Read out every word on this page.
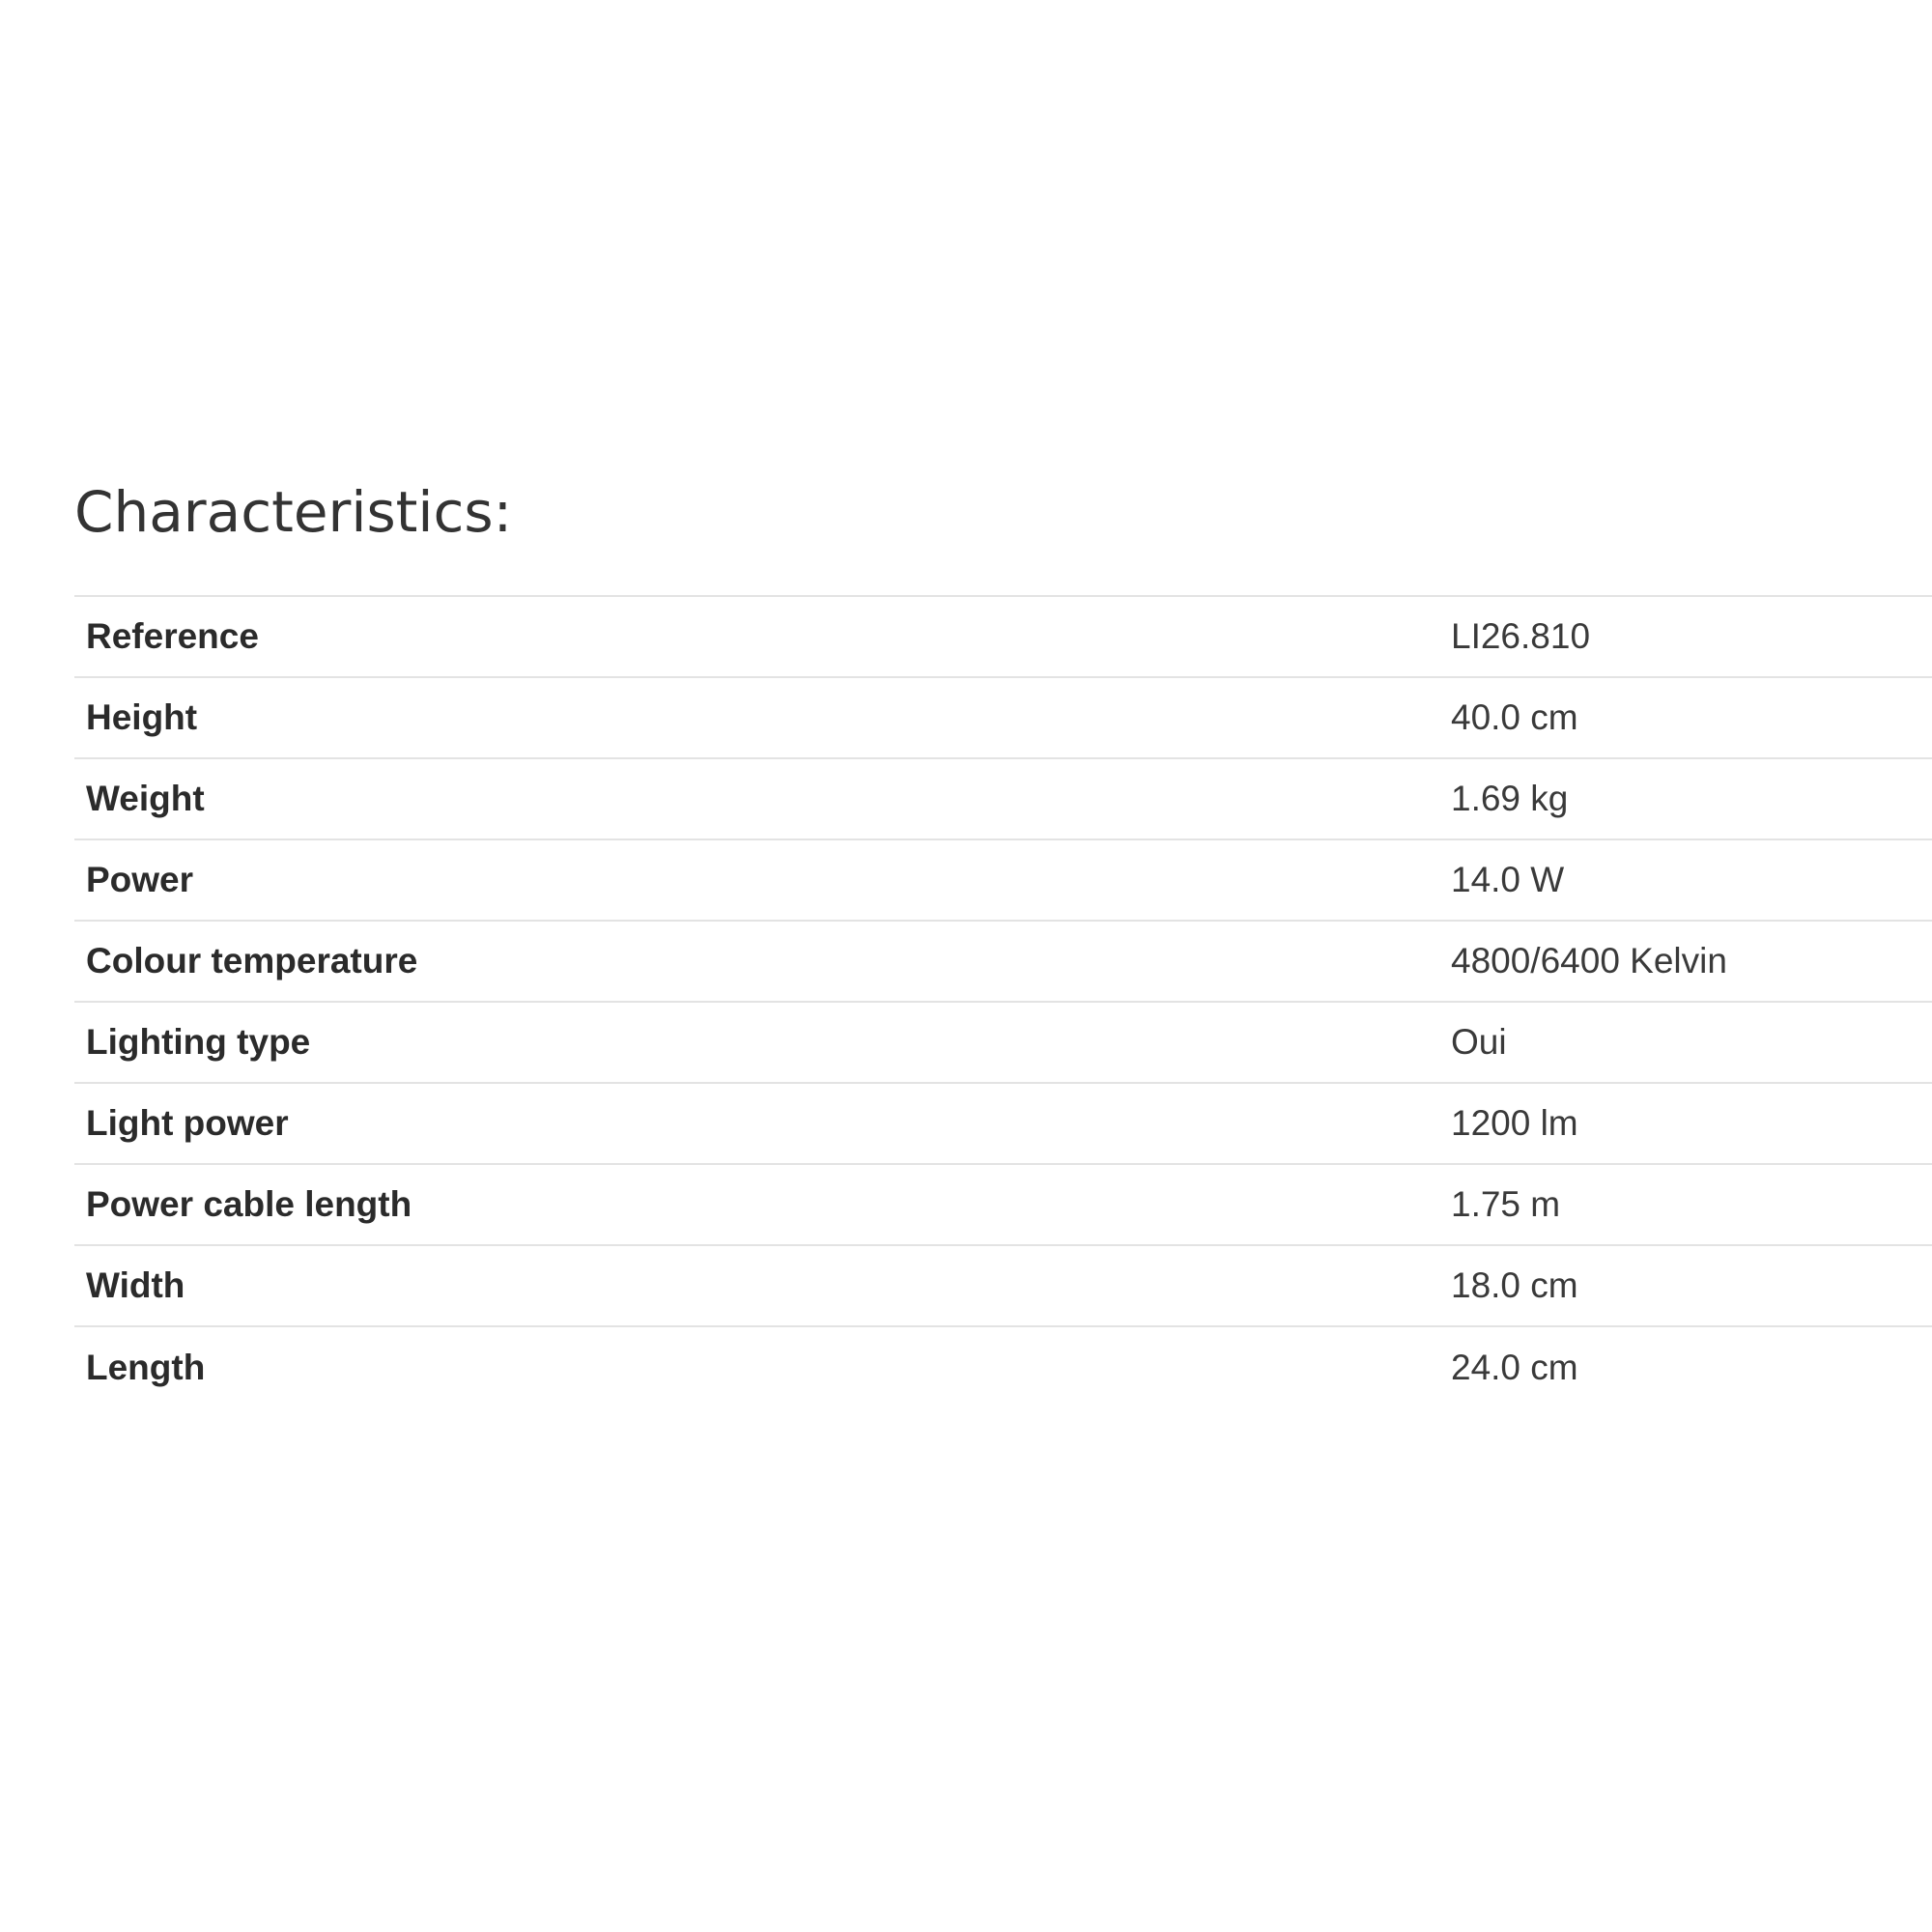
Characteristics:
Reference	LI26.810
Height	40.0 cm
Weight	1.69 kg
Power	14.0 W
Colour temperature	4800/6400 Kelvin
Lighting type	Oui
Light power	1200 lm
Power cable length	1.75 m
Width	18.0 cm
Length	24.0 cm
